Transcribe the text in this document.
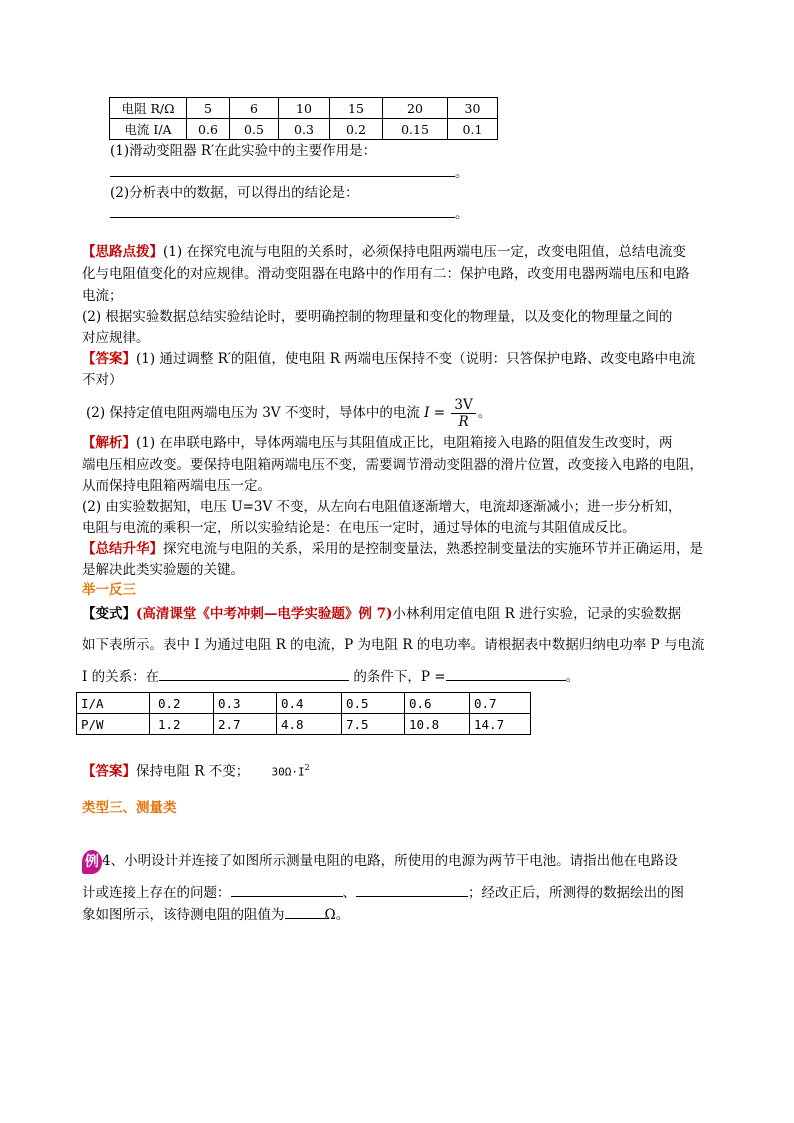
电阻 R/Ω	5	6	10	15	20	30
电流 I/A	0.6	0.5	0.3	0.2	0.15	0.1
(1)滑动变阻器 R′在此实验中的主要作用是：
。
(2)分析表中的数据，可以得出的结论是：
。
【思路点拨】(1) 在探究电流与电阻的关系时，必须保持电阻两端电压一定，改变电阻值，总结电流变
化与电阻值变化的对应规律。滑动变阻器在电路中的作用有二：保护电路，改变用电器两端电压和电路
电流；
(2) 根据实验数据总结实验结论时，要明确控制的物理量和变化的物理量，以及变化的物理量之间的
对应规律。
【答案】(1) 通过调整 R′的阻值，使电阻 R 两端电压保持不变（说明：只答保护电路、改变电路中电流
不对）
(2) 保持定值电阻两端电压为 3V 不变时，导体中的电流 $I = \frac{3V}{R}$ 。
【解析】(1) 在串联电路中，导体两端电压与其阻值成正比，电阻箱接入电路的阻值发生改变时，两
端电压相应改变。要保持电阻箱两端电压不变，需要调节滑动变阻器的滑片位置，改变接入电路的电阻，
从而保持电阻箱两端电压一定。
(2) 由实验数据知，电压 U=3V 不变，从左向右电阻值逐渐增大，电流却逐渐减小；进一步分析知，
电阻与电流的乘积一定，所以实验结论是：在电压一定时，通过导体的电流与其阻值成反比。
【总结升华】探究电流与电阻的关系，采用的是控制变量法，熟悉控制变量法的实施环节并正确运用，是
是解决此类实验题的关键。
举一反三
【变式】(高清课堂《中考冲刺—电学实验题》例 7)小林利用定值电阻 R 进行实验，记录的实验数据
如下表所示。表中 I 为通过电阻 R 的电流，P 为电阻 R 的电功率。请根据表中数据归纳电功率 P 与电流
I 的关系：在	的条件下，P =	。
I/A	0.2	0.3	0.4	0.5	0.6	0.7
P/W	1.2	2.7	4.8	7.5	10.8	14.7
【答案】保持电阻 R 不变； $30\Omega\cdot I^2$
类型三、测量类
例 4、小明设计并连接了如图所示测量电阻的电路，所使用的电源为两节干电池。请指出他在电路设
计或连接上存在的问题：	、	；经改正后，所测得的数据绘出的图
象如图所示，该待测电阻的阻值为	Ω。
